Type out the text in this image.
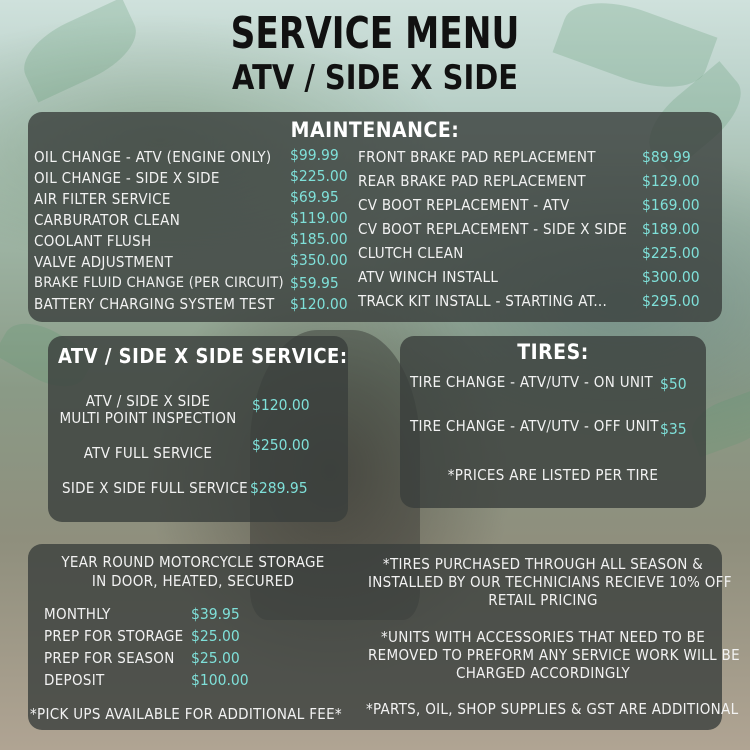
SERVICE MENU
ATV / SIDE X SIDE
MAINTENANCE:
OIL CHANGE - ATV (ENGINE ONLY)
OIL CHANGE - SIDE X SIDE
AIR FILTER SERVICE
CARBURATOR CLEAN
COOLANT FLUSH
VALVE ADJUSTMENT
BRAKE FLUID CHANGE (PER CIRCUIT)
BATTERY CHARGING SYSTEM TEST
$99.99
$225.00
$69.95
$119.00
$185.00
$350.00
$59.95
$120.00
FRONT BRAKE PAD REPLACEMENT
REAR BRAKE PAD REPLACEMENT
CV BOOT REPLACEMENT - ATV
CV BOOT REPLACEMENT - SIDE X SIDE
CLUTCH CLEAN
ATV WINCH INSTALL
TRACK KIT INSTALL - STARTING AT...
$89.99
$129.00
$169.00
$189.00
$225.00
$300.00
$295.00
ATV / SIDE X SIDE SERVICE:
ATV / SIDE X SIDE
MULTI POINT INSPECTION
$120.00
ATV FULL SERVICE	$250.00
SIDE X SIDE FULL SERVICE $289.95
TIRES:
TIRE CHANGE - ATV/UTV - ON UNIT $50
TIRE CHANGE - ATV/UTV - OFF UNIT $35
*PRICES ARE LISTED PER TIRE
YEAR ROUND MOTORCYCLE STORAGE
IN DOOR, HEATED, SECURED
MONTHLY
PREP FOR STORAGE
PREP FOR SEASON
DEPOSIT
$39.95
$25.00
$25.00
$100.00
*PICK UPS AVAILABLE FOR ADDITIONAL FEE*
*TIRES PURCHASED THROUGH ALL SEASON &
INSTALLED BY OUR TECHNICIANS RECIEVE 10% OFF
RETAIL PRICING
*UNITS WITH ACCESSORIES THAT NEED TO BE
REMOVED TO PREFORM ANY SERVICE WORK WILL BE
CHARGED ACCORDINGLY
*PARTS, OIL, SHOP SUPPLIES & GST ARE ADDITIONAL
